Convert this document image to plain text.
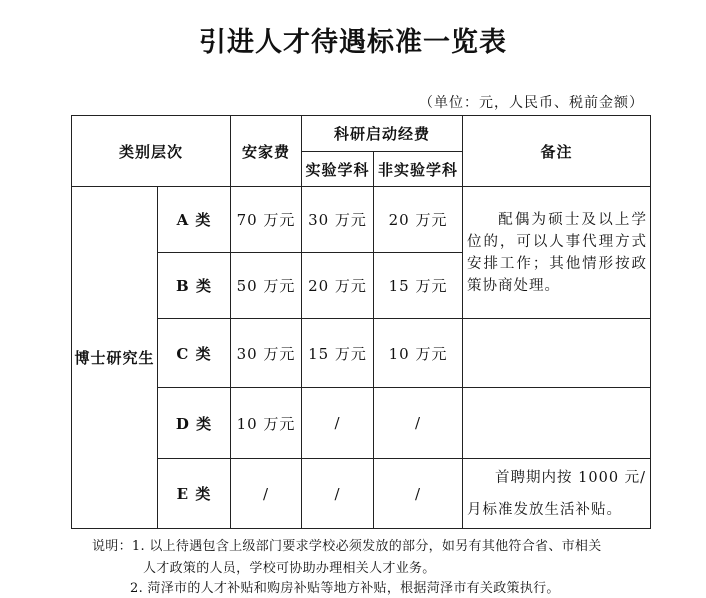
引进人才待遇标准一览表
（单位：元，人民币、税前金额）
类别层次		安家费	科研启动经费		备注
			实验学科	非实验学科	
博士研究生	A 类	70 万元	30 万元	20 万元	配偶为硕士及以上学位的，可以人事代理方式安排工作；其他情形按政策协商处理。
	B 类	50 万元	20 万元	15 万元	
	C 类	30 万元	15 万元	10 万元	
	D 类	10 万元	/	/	
	E 类	/	/	/	首聘期内按 1000 元/
月标准发放生活补贴。
说明：1. 以上待遇包含上级部门要求学校必须发放的部分，如另有其他符合省、市相关
人才政策的人员，学校可协助办理相关人才业务。
2. 菏泽市的人才补贴和购房补贴等地方补贴，根据菏泽市有关政策执行。
